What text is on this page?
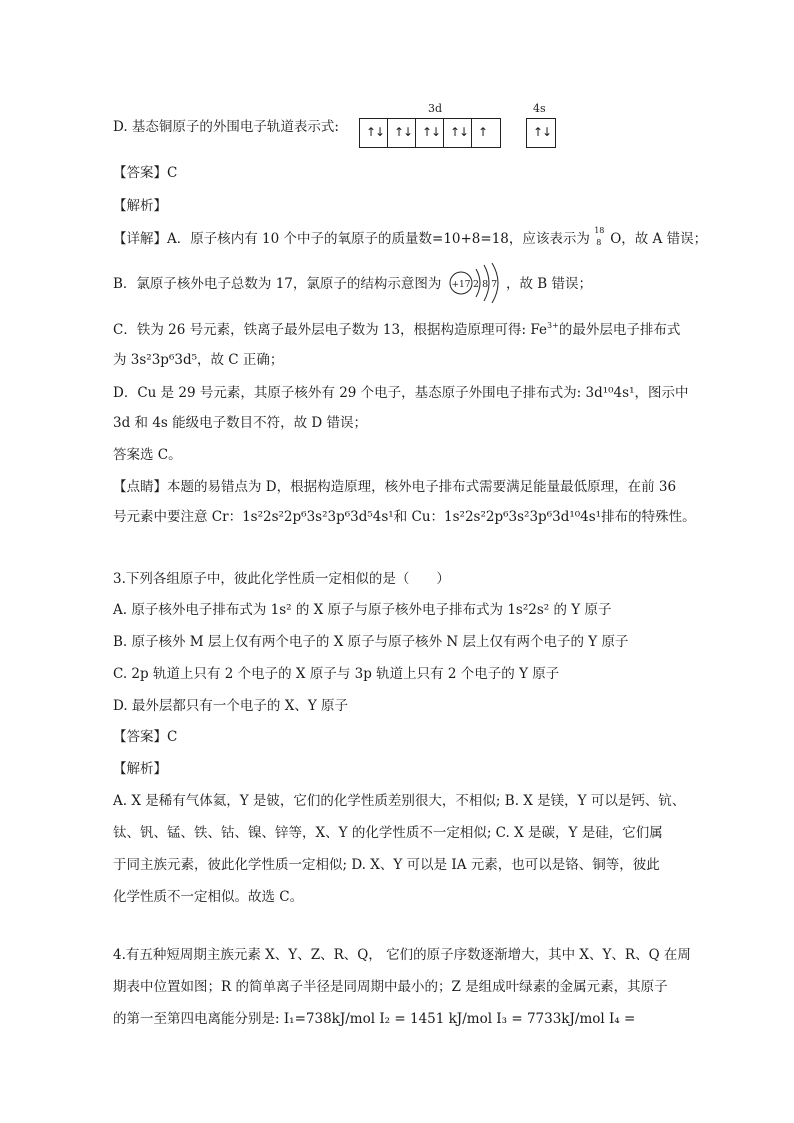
D. 基态铜原子的外围电子轨道表示式:
3d	4s
↑
↓ ↑
↓ ↑
↓ ↑
↓ ↑	↑
↓
【答案】C
【解析】
【详解】A．原子核内有 10 个中子的氧原子的质量数=10+8=18，应该表示为
18
8 O，故 A 错误；
B．氯原子核外电子总数为 17，氯原子的结构示意图为 +17 2 8 7 ，故 B 错误；
C．铁为 26 号元素，铁离子最外层电子数为 13，根据构造原理可得: $Fe^{3+}$的最外层电子排布式
为 3s²3p⁶3d⁵，故 C 正确；
D．Cu 是 29 号元素，其原子核外有 29 个电子，基态原子外围电子排布式为: 3d¹⁰4s¹，图示中
3d 和 4s 能级电子数目不符，故 D 错误；
答案选 C。
【点睛】本题的易错点为 D，根据构造原理，核外电子排布式需要满足能量最低原理，在前 36
号元素中要注意 Cr：1s²2s²2p⁶3s²3p⁶3d⁵4s¹和 Cu：1s²2s²2p⁶3s²3p⁶3d¹⁰4s¹排布的特殊性。
3.下列各组原子中，彼此化学性质一定相似的是（　　）
A. 原子核外电子排布式为 1s² 的 X 原子与原子核外电子排布式为 1s²2s² 的 Y 原子
B. 原子核外 M 层上仅有两个电子的 X 原子与原子核外 N 层上仅有两个电子的 Y 原子
C. 2p 轨道上只有 2 个电子的 X 原子与 3p 轨道上只有 2 个电子的 Y 原子
D. 最外层都只有一个电子的 X、Y 原子
【答案】C
【解析】
A. X 是稀有气体氦，Y 是铍，它们的化学性质差别很大，不相似; B. X 是镁，Y 可以是钙、钪、
钛、钒、锰、铁、钴、镍、锌等，X、Y 的化学性质不一定相似; C. X 是碳，Y 是硅，它们属
于同主族元素，彼此化学性质一定相似; D. X、Y 可以是 IA 元素，也可以是铬、铜等，彼此
化学性质不一定相似。故选 C。
4.有五种短周期主族元素 X、Y、Z、R、Q， 它们的原子序数逐渐增大，其中 X、Y、R、Q 在周
期表中位置如图；R 的简单离子半径是同周期中最小的；Z 是组成叶绿素的金属元素，其原子
的第一至第四电离能分别是: I₁=738kJ/mol I₂ = 1451 kJ/mol I₃ = 7733kJ/mol I₄ =
